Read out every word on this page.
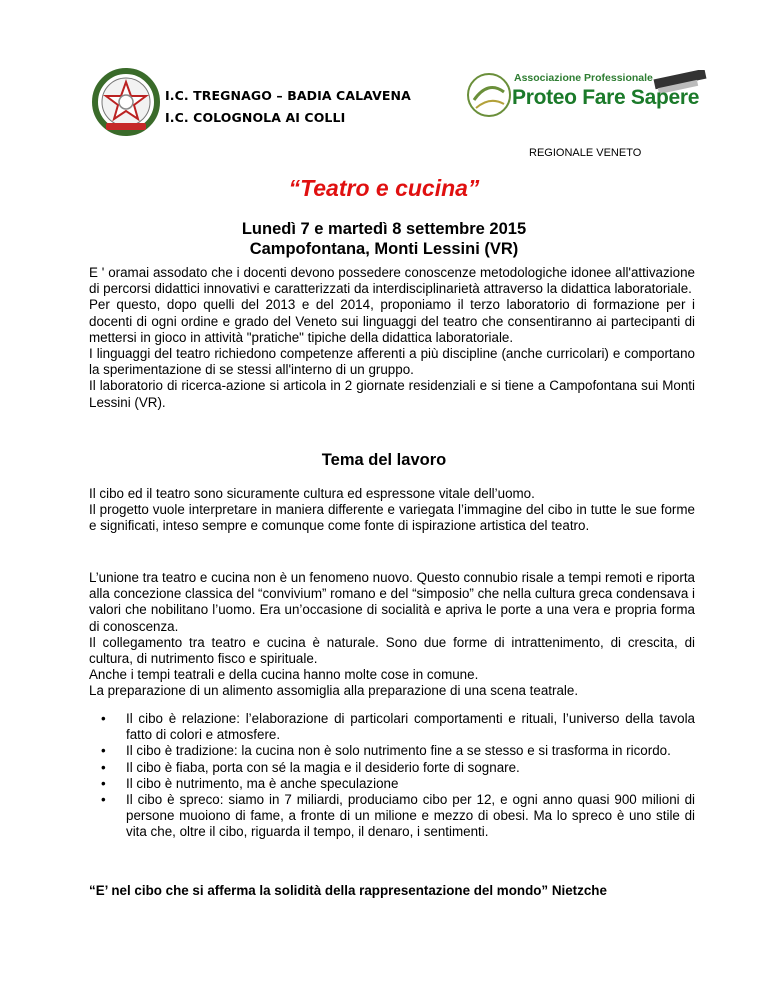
I.C. TREGNAGO – BADIA CALAVENA
I.C. COLOGNOLA AI COLLI
Associazione Professionale
Proteo Fare Sapere
REGIONALE VENETO
“Teatro e cucina”
Lunedì 7 e martedì 8 settembre 2015
Campofontana, Monti Lessini (VR)

E ' oramai assodato che i docenti devono possedere conoscenze metodologiche idonee all'attivazione di percorsi didattici innovativi e caratterizzati da interdisciplinarietà attraverso la didattica laboratoriale.

Per questo, dopo quelli del 2013 e del 2014, proponiamo il terzo laboratorio di formazione per i docenti di ogni ordine e grado del Veneto sui linguaggi del teatro che consentiranno ai partecipanti di mettersi in gioco in attività "pratiche" tipiche della didattica laboratoriale.

I linguaggi del teatro richiedono competenze afferenti a più discipline (anche curricolari) e comportano la sperimentazione di se stessi all'interno di un gruppo.

Il laboratorio di ricerca-azione si articola in 2 giornate residenziali e si tiene a Campofontana sui Monti Lessini (VR).

Tema del lavoro

Il cibo ed il teatro sono sicuramente cultura ed espressone vitale dell’uomo.

Il progetto vuole interpretare in maniera differente e variegata l’immagine del cibo in tutte le sue forme e significati, inteso sempre e comunque come fonte di ispirazione artistica del teatro.

L’unione tra teatro e cucina non è un fenomeno nuovo. Questo connubio risale a tempi remoti e riporta alla concezione classica del “convivium” romano e del “simposio” che nella cultura greca condensava i valori che nobilitano l’uomo. Era un’occasione di socialità e apriva le porte a una vera e propria forma di conoscenza.

Il collegamento tra teatro e cucina è naturale. Sono due forme di intrattenimento, di crescita, di cultura, di nutrimento fisco e spirituale.

Anche i tempi teatrali e della cucina hanno molte cose in comune.

La preparazione di un alimento assomiglia alla preparazione di una scena teatrale.

• Il cibo è relazione: l’elaborazione di particolari comportamenti e rituali, l’universo della tavola fatto di colori e atmosfere.
• Il cibo è tradizione: la cucina non è solo nutrimento fine a se stesso e si trasforma in ricordo.
• Il cibo è fiaba, porta con sé la magia e il desiderio forte di sognare.
• Il cibo è nutrimento, ma è anche speculazione
• Il cibo è spreco: siamo in 7 miliardi, produciamo cibo per 12, e ogni anno quasi 900 milioni di persone muoiono di fame, a fronte di un milione e mezzo di obesi. Ma lo spreco è uno stile di vita che, oltre il cibo, riguarda il tempo, il denaro, i sentimenti.
“E’ nel cibo che si afferma la solidità della rappresentazione del mondo” Nietzche
